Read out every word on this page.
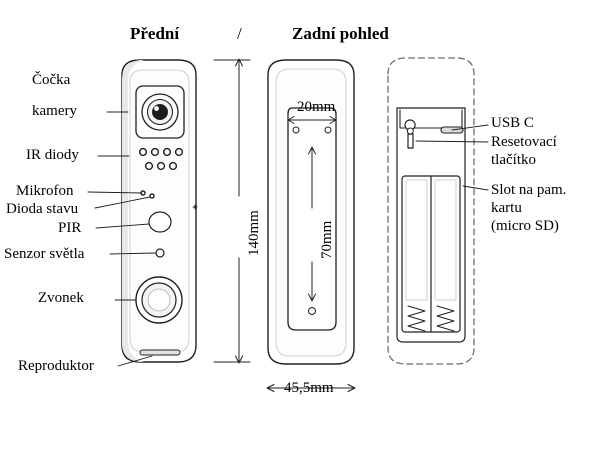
Přední	/	Zadní pohled
Čočka
kamery
IR diody
Mikrofon
Dioda stavu
PIR
Senzor světla
Zvonek
Reproduktor
USB C
Resetovací
tlačítko
Slot na pam.
kartu
(micro SD)
140mm
20mm
70mm
45,5mm
